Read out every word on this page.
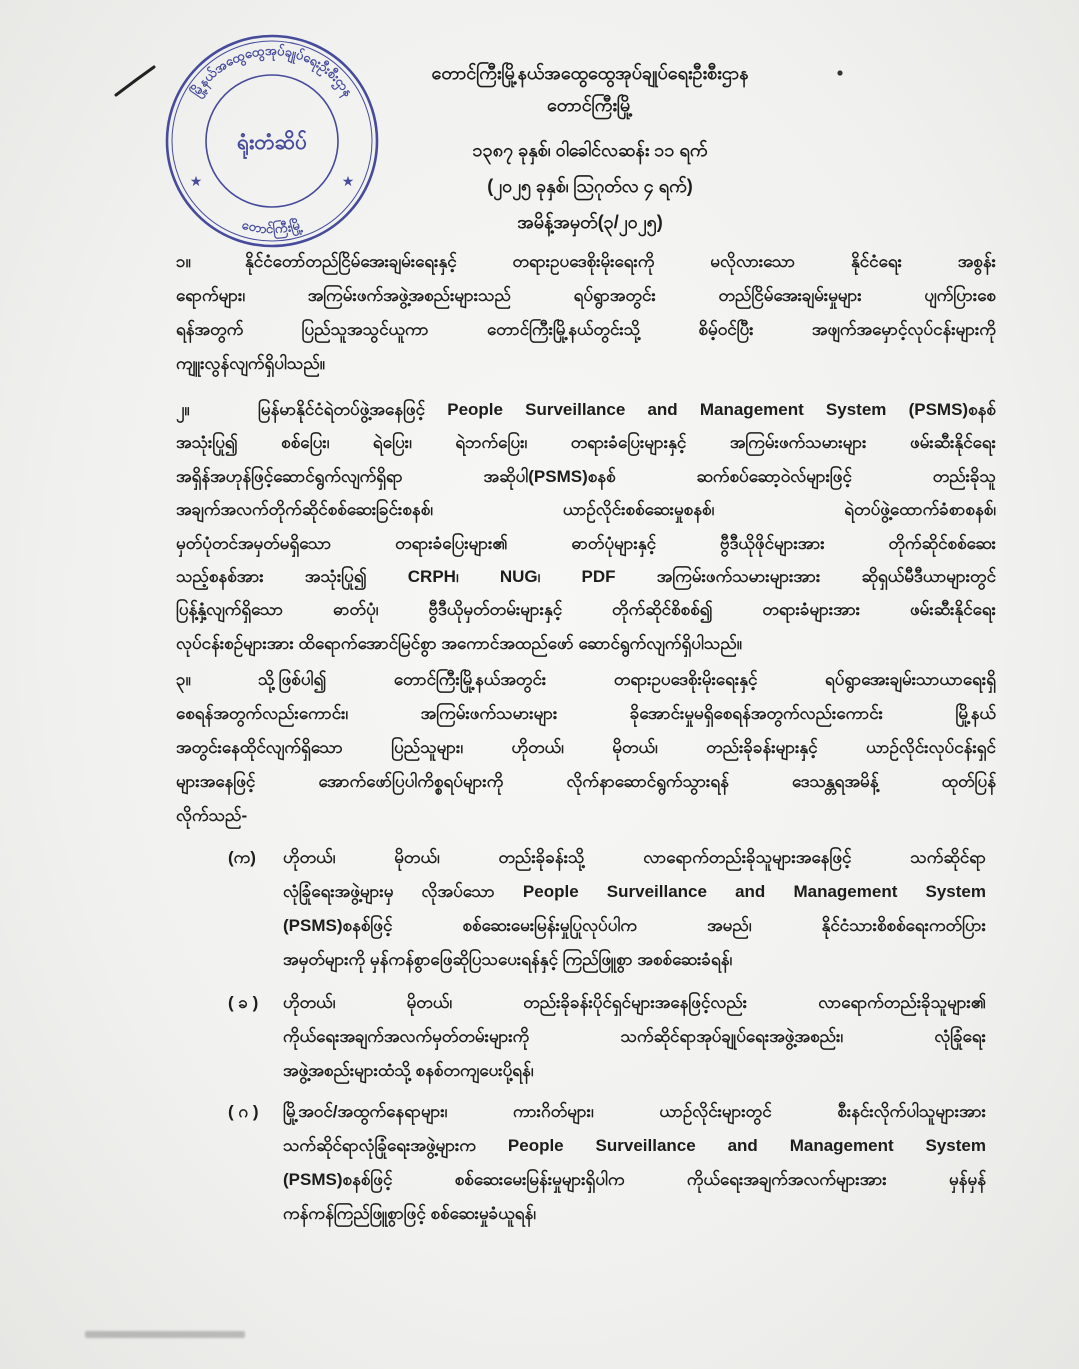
မြို့နယ်အထွေထွေအုပ်ချုပ်ရေးဦးစီးဌာန
တောင်ကြီးမြို့
★	★
ရုံးတံဆိပ်
တောင်ကြီးမြို့နယ်အထွေထွေအုပ်ချုပ်ရေးဦးစီးဌာန
တောင်ကြီးမြို့
၁၃၈၇ ခုနှစ်၊ ဝါခေါင်လဆန်း ၁၁ ရက်
(၂၀၂၅ ခုနှစ်၊ ဩဂုတ်လ ၄ ရက်)
အမိန့်အမှတ်(၃/၂၀၂၅)
၁။	နိုင်ငံတော်တည်ငြိမ်အေးချမ်းရေးနှင့် တရားဥပဒေစိုးမိုးရေးကို မလိုလားသော နိုင်ငံရေး အစွန်း
ရောက်များ၊ အကြမ်းဖက်အဖွဲ့အစည်းများသည် ရပ်ရွာအတွင်း တည်ငြိမ်အေးချမ်းမှုများ ပျက်ပြားစေ
ရန်အတွက် ပြည်သူအသွင်ယူကာ တောင်ကြီးမြို့နယ်တွင်းသို့ စိမ့်ဝင်ပြီး အဖျက်အမှောင့်လုပ်ငန်းများကို
ကျူးလွန်လျက်ရှိပါသည်။
၂။	မြန်မာနိုင်ငံရဲတပ်ဖွဲ့အနေဖြင့် People Surveillance and Management System (PSMS)စနစ်
အသုံးပြု၍ စစ်ပြေး၊ ရဲပြေး၊ ရဲဘက်ပြေး၊ တရားခံပြေးများနှင့် အကြမ်းဖက်သမားများ ဖမ်းဆီးနိုင်ရေး
အရှိန်အဟုန်ဖြင့်ဆောင်ရွက်လျက်ရှိရာ အဆိုပါ(PSMS)စနစ် ဆက်စပ်ဆော့ဝဲလ်များဖြင့် တည်းခိုသူ
အချက်အလက်တိုက်ဆိုင်စစ်ဆေးခြင်းစနစ်၊ ယာဉ်လိုင်းစစ်ဆေးမှုစနစ်၊ ရဲတပ်ဖွဲ့ထောက်ခံစာစနစ်၊
မှတ်ပုံတင်အမှတ်မရှိသော တရားခံပြေးများ၏ ဓာတ်ပုံများနှင့် ဗွီဒီယိုဖိုင်များအား တိုက်ဆိုင်စစ်ဆေး
သည့်စနစ်အား အသုံးပြု၍ CRPH၊ NUG၊ PDF အကြမ်းဖက်သမားများအား ဆိုရှယ်မီဒီယာများတွင်
ပြန့်နှံ့လျက်ရှိသော ဓာတ်ပုံ၊ ဗွီဒီယိုမှတ်တမ်းများနှင့် တိုက်ဆိုင်စိစစ်၍ တရားခံများအား ဖမ်းဆီးနိုင်ရေး
လုပ်ငန်းစဉ်များအား ထိရောက်အောင်မြင်စွာ အကောင်အထည်ဖော် ဆောင်ရွက်လျက်ရှိပါသည်။
၃။	သို့ဖြစ်ပါ၍ တောင်ကြီးမြို့နယ်အတွင်း တရားဥပဒေစိုးမိုးရေးနှင့် ရပ်ရွာအေးချမ်းသာယာရေးရှိ
စေရန်အတွက်လည်းကောင်း၊ အကြမ်းဖက်သမားများ ခိုအောင်းမှုမရှိစေရန်အတွက်လည်းကောင်း မြို့နယ်
အတွင်းနေထိုင်လျက်ရှိသော ပြည်သူများ၊ ဟိုတယ်၊ မိုတယ်၊ တည်းခိုခန်းများနှင့် ယာဉ်လိုင်းလုပ်ငန်းရှင်
များအနေဖြင့် အောက်ဖော်ပြပါကိစ္စရပ်များကို လိုက်နာဆောင်ရွက်သွားရန် ဒေသန္တရအမိန့် ထုတ်ပြန်
လိုက်သည်-
(က) ဟိုတယ်၊ မိုတယ်၊ တည်းခိုခန်းသို့ လာရောက်တည်းခိုသူများအနေဖြင့် သက်ဆိုင်ရာ
လုံခြုံရေးအဖွဲ့များမှ လိုအပ်သော People Surveillance and Management System
(PSMS)စနစ်ဖြင့် စစ်ဆေးမေးမြန်းမှုပြုလုပ်ပါက အမည်၊ နိုင်ငံသားစိစစ်ရေးကတ်ပြား
အမှတ်များကို မှန်ကန်စွာဖြေဆိုပြသပေးရန်နှင့် ကြည်ဖြူစွာ အစစ်ဆေးခံရန်၊
( ခ ) ဟိုတယ်၊ မိုတယ်၊ တည်းခိုခန်းပိုင်ရှင်များအနေဖြင့်လည်း လာရောက်တည်းခိုသူများ၏
ကိုယ်ရေးအချက်အလက်မှတ်တမ်းများကို သက်ဆိုင်ရာအုပ်ချုပ်ရေးအဖွဲ့အစည်း၊ လုံခြုံရေး
အဖွဲ့အစည်းများထံသို့ စနစ်တကျပေးပို့ရန်၊
( ဂ ) မြို့အဝင်/အထွက်နေရာများ၊ ကားဂိတ်များ၊ ယာဉ်လိုင်းများတွင် စီးနင်းလိုက်ပါသူများအား
သက်ဆိုင်ရာလုံခြုံရေးအဖွဲ့များက People Surveillance and Management System
(PSMS)စနစ်ဖြင့် စစ်ဆေးမေးမြန်းမှုများရှိပါက ကိုယ်ရေးအချက်အလက်များအား မှန်မှန်
ကန်ကန်ကြည်ဖြူစွာဖြင့် စစ်ဆေးမှုခံယူရန်၊
